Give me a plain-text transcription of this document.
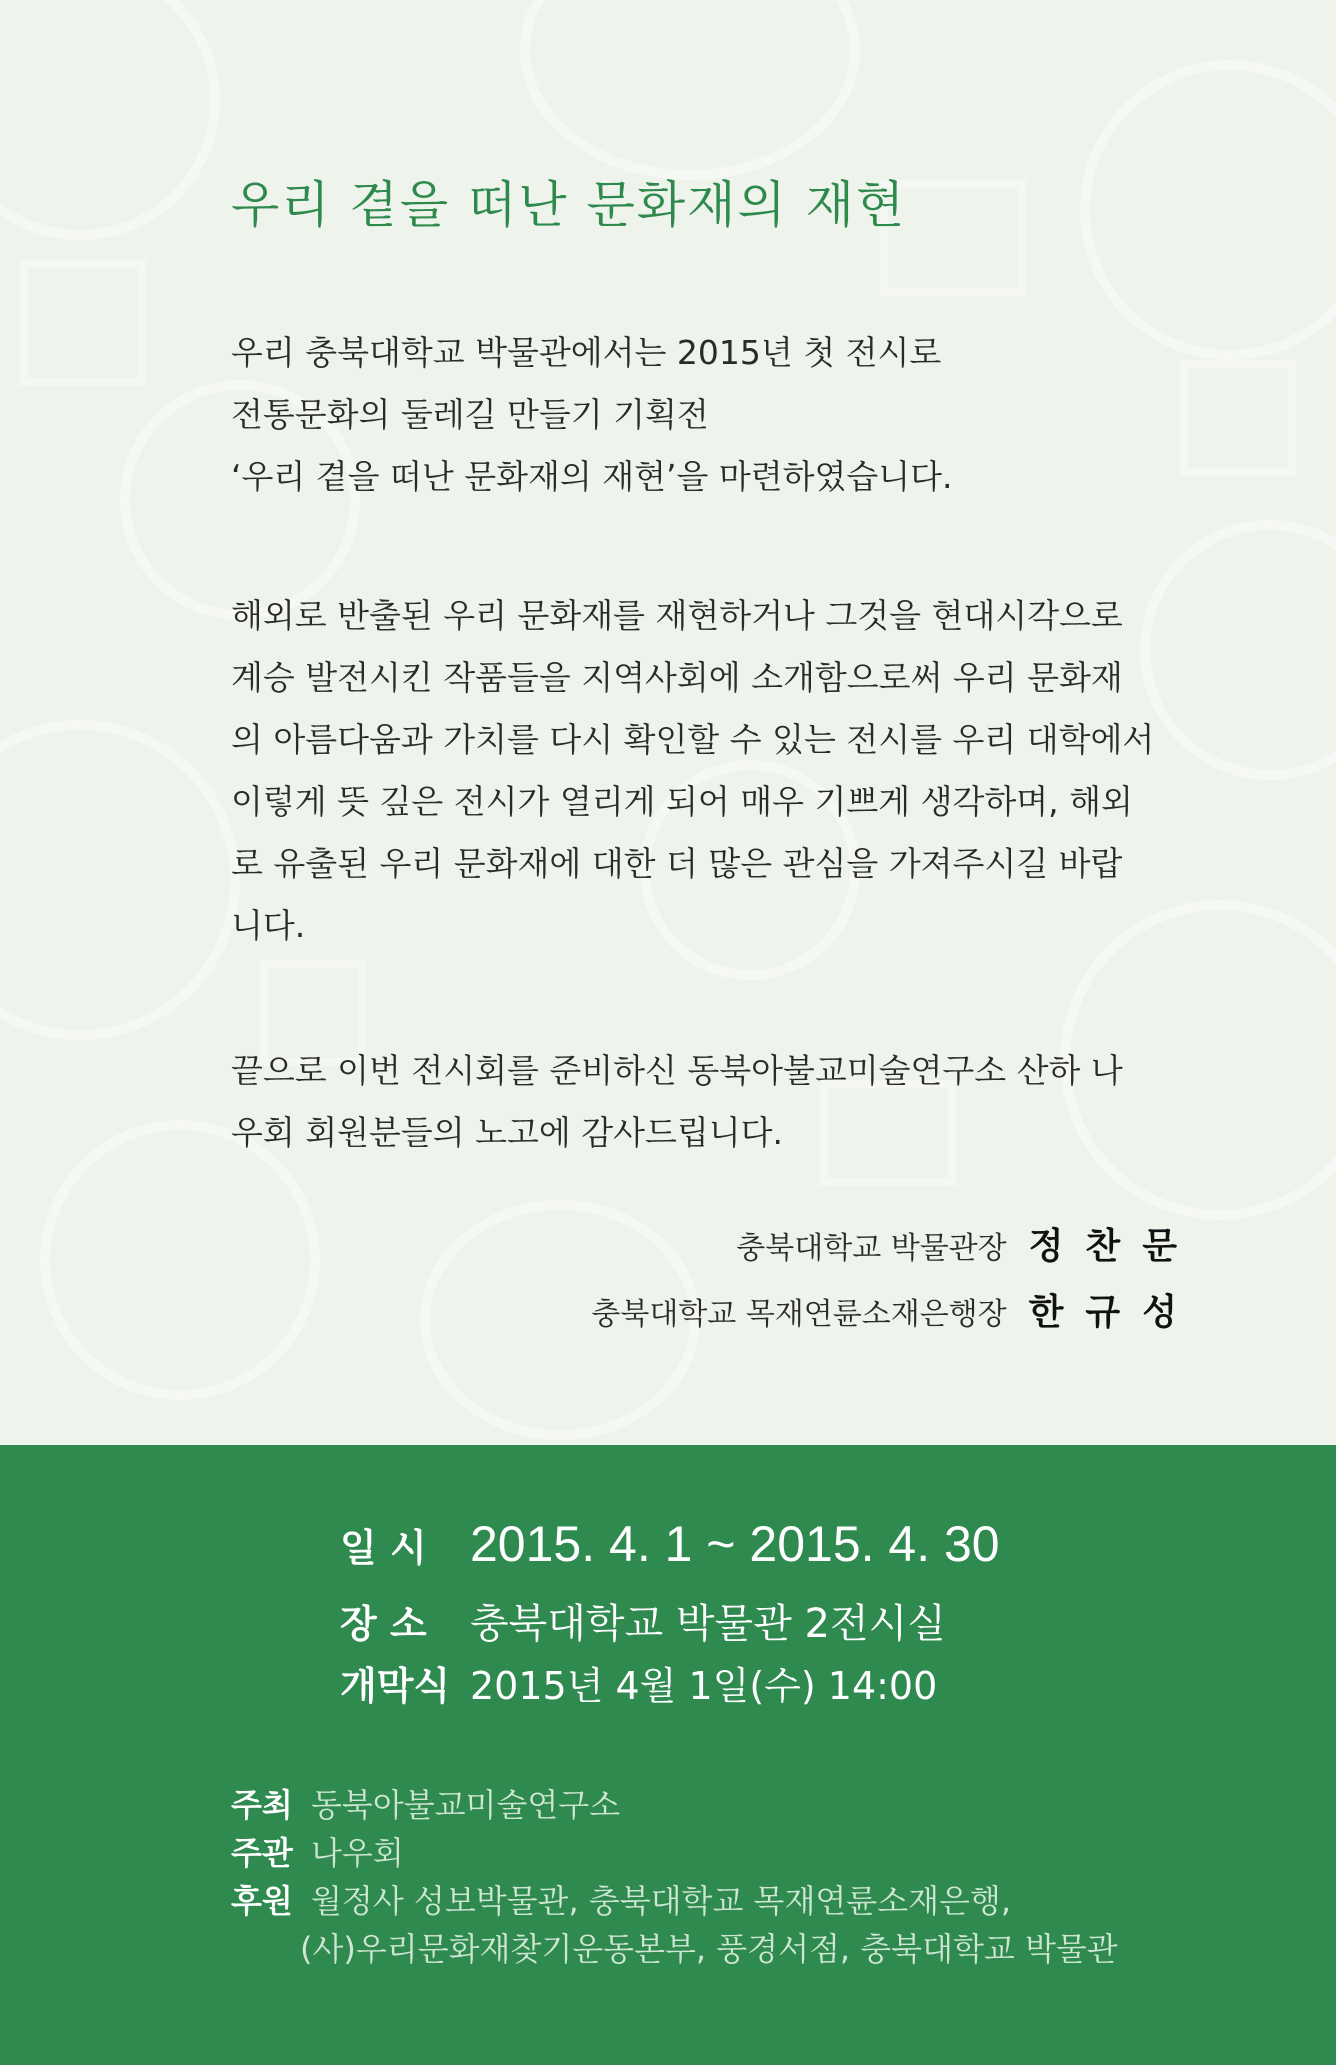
우리 곁을 떠난 문화재의 재현
우리 충북대학교 박물관에서는 2015년 첫 전시로
전통문화의 둘레길 만들기 기획전
‘우리 곁을 떠난 문화재의 재현’을 마련하였습니다.
해외로 반출된 우리 문화재를 재현하거나 그것을 현대시각으로
계승 발전시킨 작품들을 지역사회에 소개함으로써 우리 문화재
의 아름다움과 가치를 다시 확인할 수 있는 전시를 우리 대학에서
이렇게 뜻 깊은 전시가 열리게 되어 매우 기쁘게 생각하며, 해외
로 유출된 우리 문화재에 대한 더 많은 관심을 가져주시길 바랍
니다.
끝으로 이번 전시회를 준비하신 동북아불교미술연구소 산하 나
우회 회원분들의 노고에 감사드립니다.
충북대학교 박물관장 정 찬 문
충북대학교 목재연륜소재은행장 한 규 성
일 시 2015. 4. 1 ~ 2015. 4. 30
장 소	충북대학교 박물관 2전시실
개막식 2015년 4월 1일(수) 14:00
주최 동북아불교미술연구소
주관 나우회
후원 월정사 성보박물관, 충북대학교 목재연륜소재은행,
(사)우리문화재찾기운동본부, 풍경서점, 충북대학교 박물관
